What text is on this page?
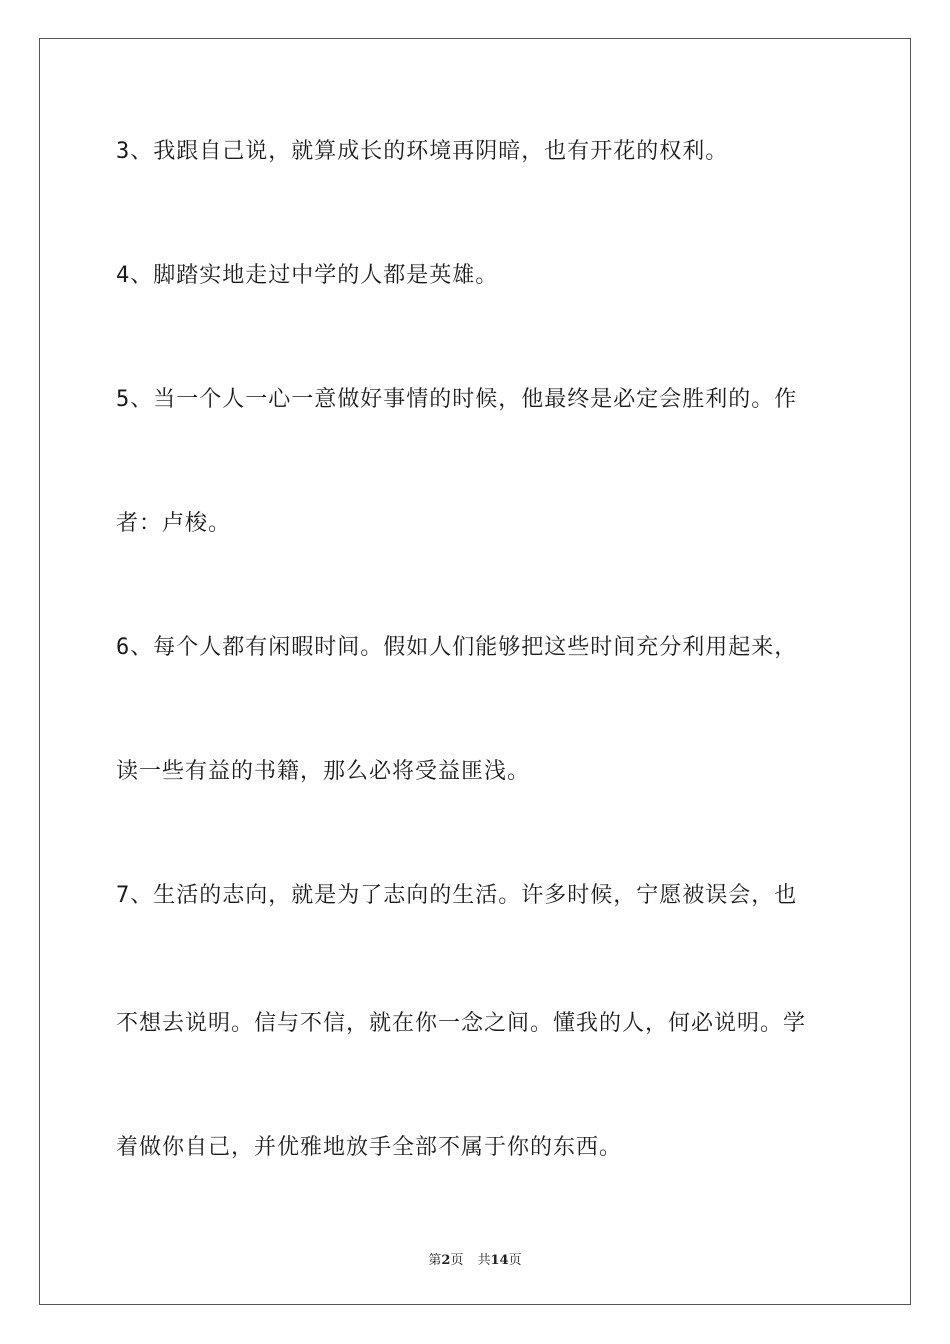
3、我跟自己说，就算成长的环境再阴暗，也有开花的权利。
4、脚踏实地走过中学的人都是英雄。
5、当一个人一心一意做好事情的时候，他最终是必定会胜利的。作
者：卢梭。
6、每个人都有闲暇时间。假如人们能够把这些时间充分利用起来，
读一些有益的书籍，那么必将受益匪浅。
7、生活的志向，就是为了志向的生活。许多时候，宁愿被误会，也
不想去说明。信与不信，就在你一念之间。懂我的人，何必说明。学
着做你自己，并优雅地放手全部不属于你的东西。
第2页 共14页
